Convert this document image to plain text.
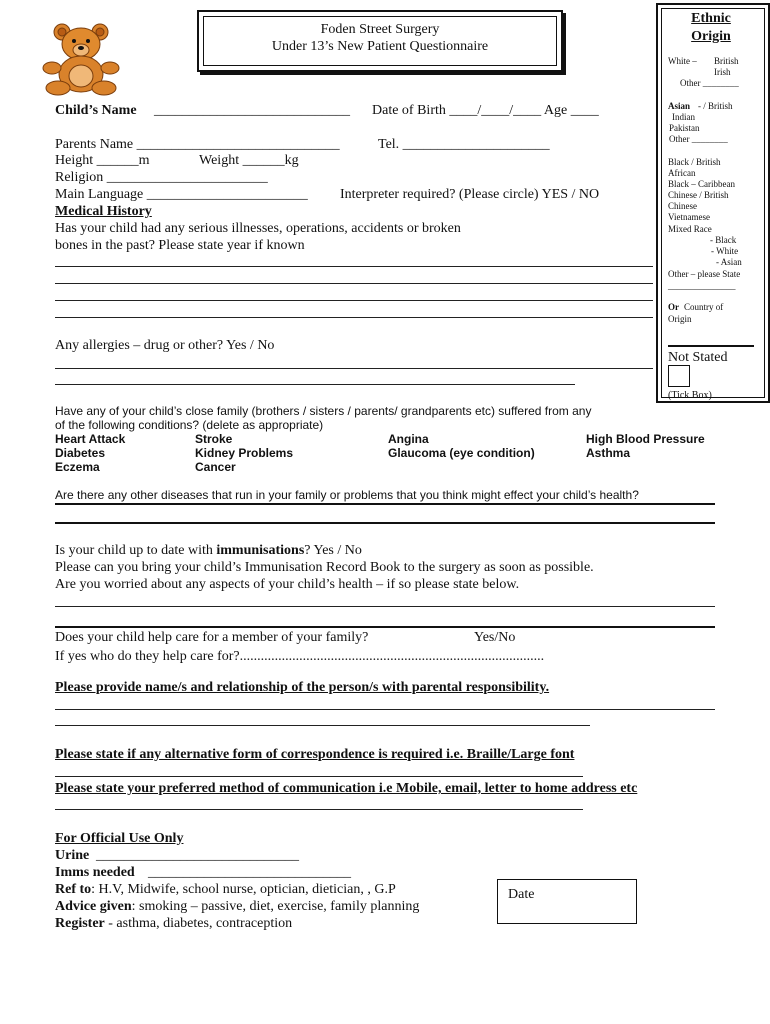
Foden Street Surgery
Under 13’s New Patient Questionnaire
Ethnic
Origin
White – British
Irish
Other ________
Asian - / British
Indian
Pakistan
Other ________
Black / British
African
Black – Caribbean
Chinese / British
Chinese
Vietnamese
Mixed Race
- Black
- White
- Asian
Other – please State
_______________
Or Country of
Origin
Not Stated
(Tick Box)
Child’s Name ____________________________ Date of Birth ____/____/____ Age ____
Parents Name _____________________________	Tel. _____________________
Height ______m	Weight ______kg
Religion _______________________
Main Language _______________________ Interpreter required? (Please circle) YES / NO
Medical History
Has your child had any serious illnesses, operations, accidents or broken
bones in the past? Please state year if known
Any allergies – drug or other? Yes / No
Have any of your child’s close family (brothers / sisters / parents/ grandparents etc) suffered from any
of the following conditions? (delete as appropriate)
Heart Attack	Stroke	Angina	High Blood Pressure
Diabetes	Kidney Problems	Glaucoma (eye condition)	Asthma
Eczema	Cancer
Are there any other diseases that run in your family or problems that you think might effect your child’s health?
Is your child up to date with immunisations? Yes / No
Please can you bring your child’s Immunisation Record Book to the surgery as soon as possible.
Are you worried about any aspects of your child’s health – if so please state below.
Does your child help care for a member of your family?	Yes/No
If yes who do they help care for?.......................................................................................
Please provide name/s and relationship of the person/s with parental responsibility.
Please state if any alternative form of correspondence is required i.e. Braille/Large font
Please state your preferred method of communication i.e Mobile, email, letter to home address etc
For Official Use Only
Urine _____________________________
Imms needed _____________________________
Ref to: H.V, Midwife, school nurse, optician, dietician, , G.P
Advice given: smoking – passive, diet, exercise, family planning
Register - asthma, diabetes, contraception
Date
